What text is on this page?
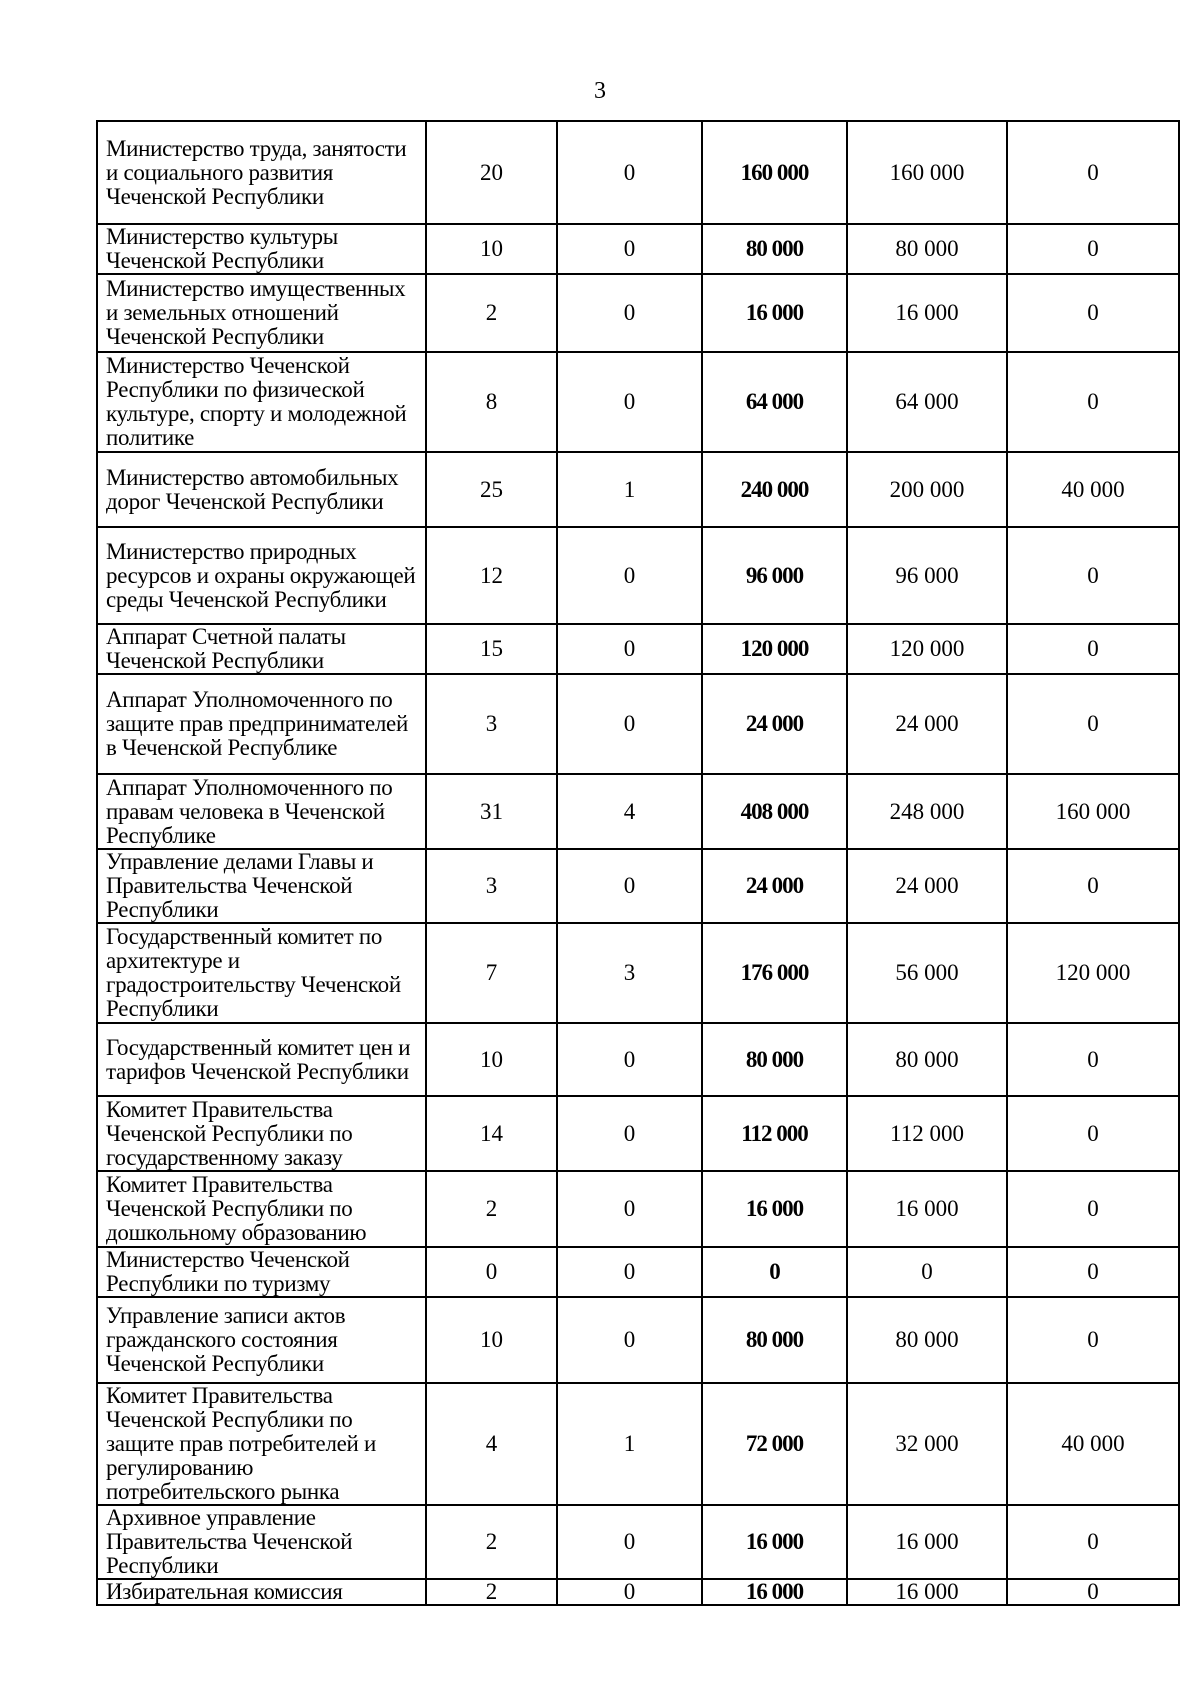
3
Министерство труда, занятости и социального развития Чеченской Республики	20	0	160 000	160 000	0
Министерство культуры Чеченской Республики	10	0	80 000	80 000	0
Министерство имущественных и земельных отношений Чеченской Республики	2	0	16 000	16 000	0
Министерство Чеченской Республики по физической культуре, спорту и молодежной политике	8	0	64 000	64 000	0
Министерство автомобильных дорог Чеченской Республики	25	1	240 000	200 000	40 000
Министерство природных ресурсов и охраны окружающей среды Чеченской Республики	12	0	96 000	96 000	0
Аппарат Счетной палаты Чеченской Республики	15	0	120 000	120 000	0
Аппарат Уполномоченного по защите прав предпринимателей в Чеченской Республике	3	0	24 000	24 000	0
Аппарат Уполномоченного по правам человека в Чеченской Республике	31	4	408 000	248 000	160 000
Управление делами Главы и Правительства Чеченской Республики	3	0	24 000	24 000	0
Государственный комитет по архитектуре и градостроительству Чеченской Республики	7	3	176 000	56 000	120 000
Государственный комитет цен и тарифов Чеченской Республики	10	0	80 000	80 000	0
Комитет Правительства Чеченской Республики по государственному заказу	14	0	112 000	112 000	0
Комитет Правительства Чеченской Республики по дошкольному образованию	2	0	16 000	16 000	0
Министерство Чеченской Республики по туризму	0	0	0	0	0
Управление записи актов гражданского состояния Чеченской Республики	10	0	80 000	80 000	0
Комитет Правительства Чеченской Республики по защите прав потребителей и регулированию потребительского рынка	4	1	72 000	32 000	40 000
Архивное управление Правительства Чеченской Республики	2	0	16 000	16 000	0
Избирательная комиссия	2	0	16 000	16 000	0
